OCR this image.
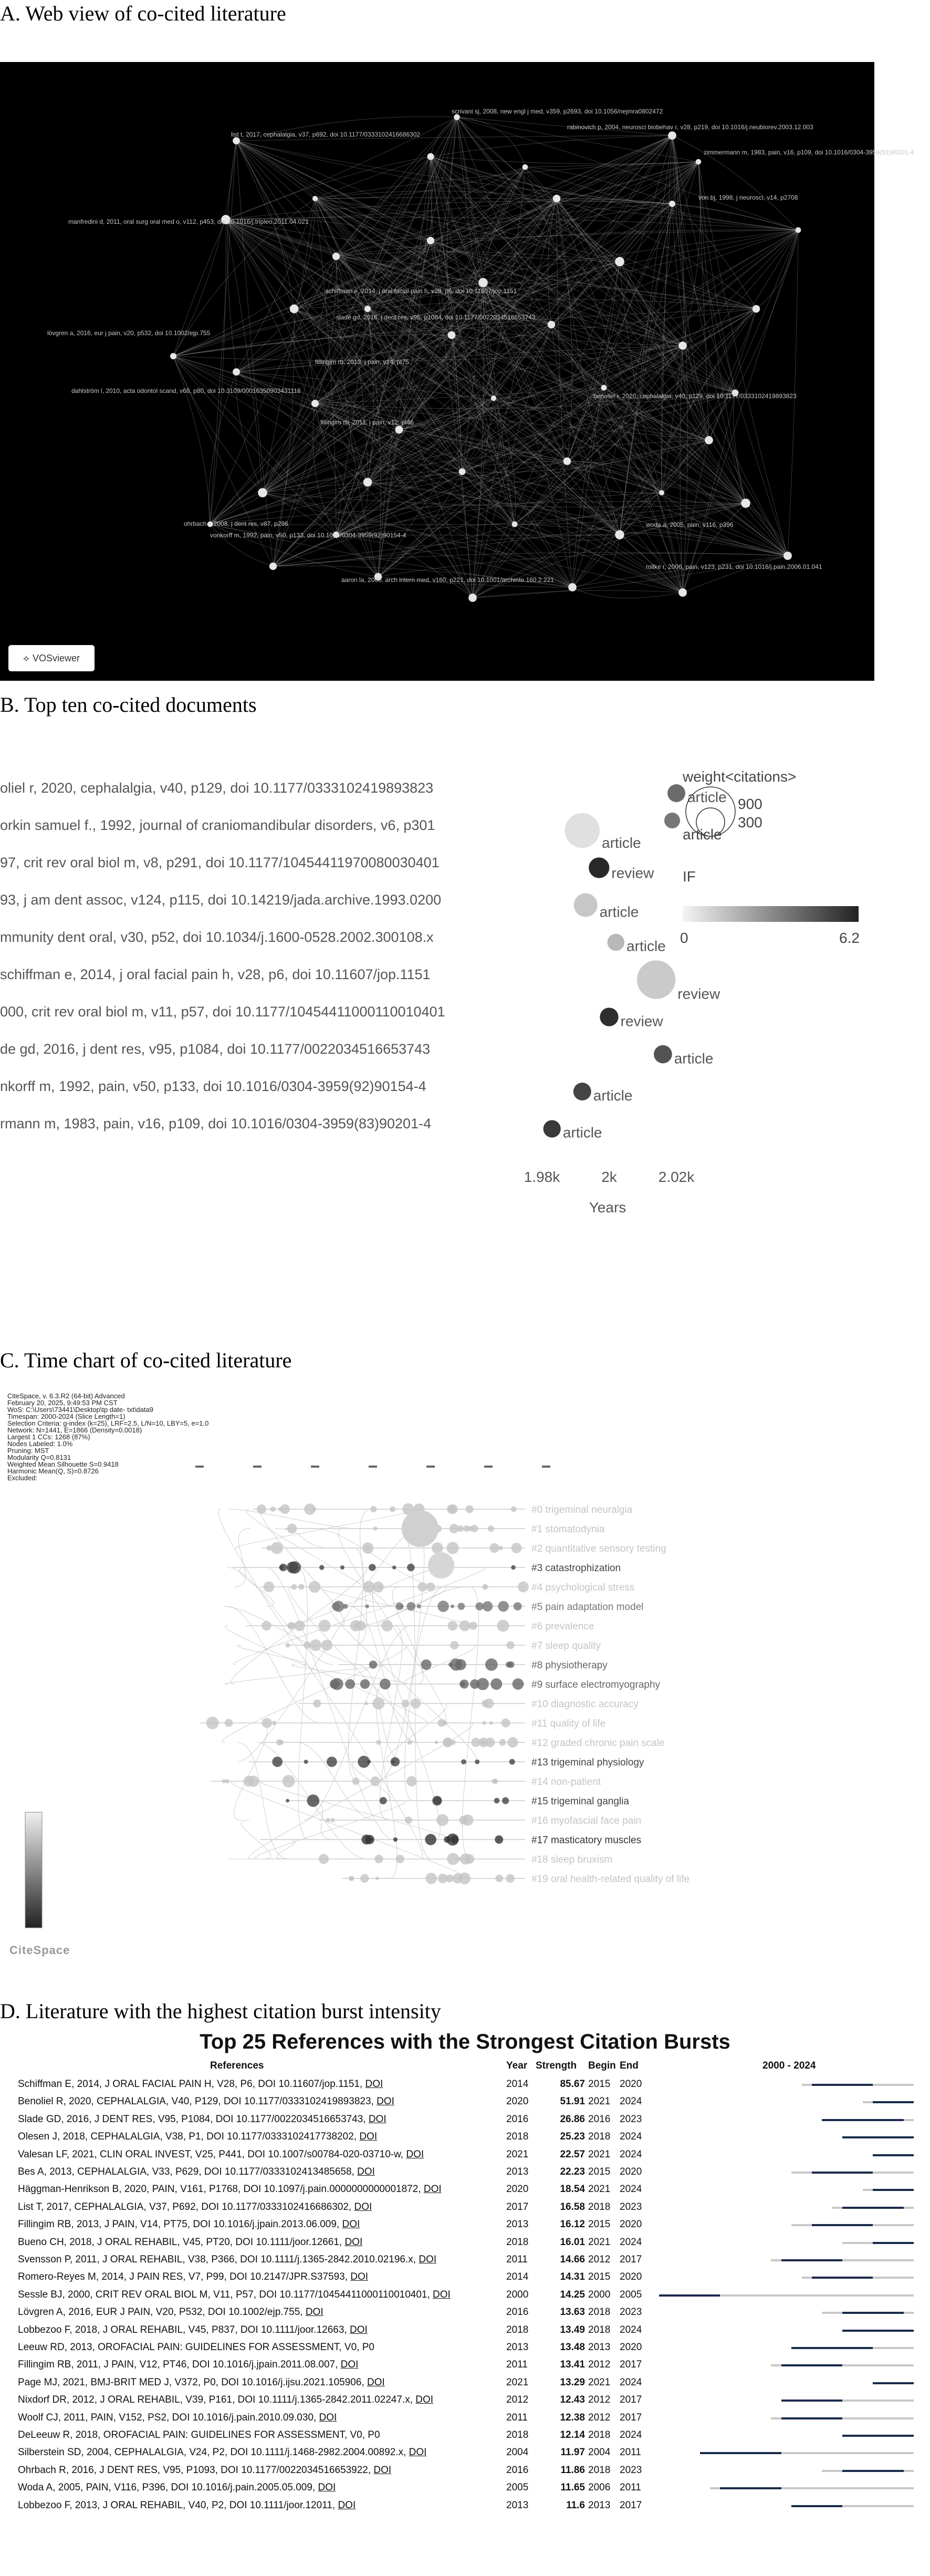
A. Web view of co-cited literature
B. Top ten co-cited documents
C. Time chart of co-cited literature
D. Literature with the highest citation burst intensity
scrivani sj, 2008, new engl j med, v359, p2693, doi 10.1056/nejmra0802472
list t, 2017, cephalalgia, v37, p692, doi 10.1177/0333102416686302
rabinovich p, 2004, neurosci biobehav r, v28, p219, doi 10.1016/j.neubiorev.2003.12.003
zimmermann m, 1983, pain, v16, p109, doi 10.1016/0304-3959(83)90201-4
manfredini d, 2011, oral surg oral med o, v112, p453, doi 10.1016/j.tripleo.2011.04.021
von bj, 1998, j neurosci, v14, p2708
schiffman e, 2014, j oral facial pain h, v28, p6, doi 10.11607/jop.1151
slade gd, 2016, j dent res, v95, p1084, doi 10.1177/0022034516653743
lövgren a, 2016, eur j pain, v20, p532, doi 10.1002/ejp.755
fillingim rb, 2013, j pain, v14, pt75
dahlström l, 2010, acta odontol scand, v68, p80, doi 10.3109/00016350903431118
fillingim rb, 2011, j pain, v12, pt46
woda a, 2005, pain, v116, p396
ohrbach r, 2008, j dent res, v87, p296
vonkorff m, 1992, pain, v50, p133, doi 10.1016/0304-3959(92)90154-4
aaron la, 2000, arch intern med, v160, p221, doi 10.1001/archinte.160.2.221
rollke r, 2006, pain, v123, p231, doi 10.1016/j.pain.2006.01.041
benoliel r, 2020, cephalalgia, v40, p129, doi 10.1177/0333102419893823
⟡ VOSviewer
oliel r, 2020, cephalalgia, v40, p129, doi 10.1177/0333102419893823
article
orkin samuel f., 1992, journal of craniomandibular disorders, v6, p301
article
97, crit rev oral biol m, v8, p291, doi 10.1177/10454411970080030401
review
93, j am dent assoc, v124, p115, doi 10.14219/jada.archive.1993.0200
article
mmunity dent oral, v30, p52, doi 10.1034/j.1600-0528.2002.300108.x
article
schiffman e, 2014, j oral facial pain h, v28, p6, doi 10.11607/jop.1151
review
000, crit rev oral biol m, v11, p57, doi 10.1177/10454411000110010401
review
de gd, 2016, j dent res, v95, p1084, doi 10.1177/0022034516653743
article
nkorff m, 1992, pain, v50, p133, doi 10.1016/0304-3959(92)90154-4
article
rmann m, 1983, pain, v16, p109, doi 10.1016/0304-3959(83)90201-4
article
1.98k	2k	2.02k
Years
weight<citations>
900
300
article
IF
0	6.2
CiteSpace, v. 6.3.R2 (64-bit) Advanced
February 20, 2025, 9:49:53 PM CST
WoS: C:\Users\73441\Desktop\tp date- txt\data9
Timespan: 2000-2024 (Slice Length=1)
Selection Criteria: g-index (k=25), LRF=2.5, L/N=10, LBY=5, e=1.0
Network: N=1441, E=1866 (Density=0.0018)
Largest 1 CCs: 1268 (87%)
Nodes Labeled: 1.0%
Pruning: MST
Modularity Q=0.8131
Weighted Mean Silhouette S=0.9418
Harmonic Mean(Q, S)=0.8726
Excluded:
#0 trigeminal neuralgia
#1 stomatodynia
#2 quantitative sensory testing
#3 catastrophization
#4 psychological stress
#5 pain adaptation model
#6 prevalence
#7 sleep quality
#8 physiotherapy
#9 surface electromyography
#10 diagnostic accuracy
#11 quality of life
#12 graded chronic pain scale
#13 trigeminal physiology
#14 non-patient
#15 trigeminal ganglia
#16 myofascial face pain
#17 masticatory muscles
#18 sleep bruxism
#19 oral health-related quality of life
CiteSpace
Top 25 References with the Strongest Citation Bursts
References	Year Strength Begin End	2000 - 2024
Schiffman E, 2014, J ORAL FACIAL PAIN H, V28, P6, DOI 10.11607/jop.1151, DOI	2014	85.67 2015 2020
Benoliel R, 2020, CEPHALALGIA, V40, P129, DOI 10.1177/0333102419893823, DOI	2020	51.91 2021 2024
Slade GD, 2016, J DENT RES, V95, P1084, DOI 10.1177/0022034516653743, DOI	2016	26.86 2016 2023
Olesen J, 2018, CEPHALALGIA, V38, P1, DOI 10.1177/0333102417738202, DOI	2018	25.23 2018 2024
Valesan LF, 2021, CLIN ORAL INVEST, V25, P441, DOI 10.1007/s00784-020-03710-w, DOI	2021	22.57 2021 2024
Bes A, 2013, CEPHALALGIA, V33, P629, DOI 10.1177/0333102413485658, DOI	2013	22.23 2015 2020
Häggman-Henrikson B, 2020, PAIN, V161, P1768, DOI 10.1097/j.pain.0000000000001872, DOI	2020	18.54 2021 2024
List T, 2017, CEPHALALGIA, V37, P692, DOI 10.1177/0333102416686302, DOI	2017	16.58 2018 2023
Fillingim RB, 2013, J PAIN, V14, PT75, DOI 10.1016/j.jpain.2013.06.009, DOI	2013	16.12 2015 2020
Bueno CH, 2018, J ORAL REHABIL, V45, PT20, DOI 10.1111/joor.12661, DOI	2018	16.01 2021 2024
Svensson P, 2011, J ORAL REHABIL, V38, P366, DOI 10.1111/j.1365-2842.2010.02196.x, DOI	2011	14.66 2012 2017
Romero-Reyes M, 2014, J PAIN RES, V7, P99, DOI 10.2147/JPR.S37593, DOI	2014	14.31 2015 2020
Sessle BJ, 2000, CRIT REV ORAL BIOL M, V11, P57, DOI 10.1177/10454411000110010401, DOI	2000	14.25 2000 2005
Lövgren A, 2016, EUR J PAIN, V20, P532, DOI 10.1002/ejp.755, DOI	2016	13.63 2018 2023
Lobbezoo F, 2018, J ORAL REHABIL, V45, P837, DOI 10.1111/joor.12663, DOI	2018	13.49 2018 2024
Leeuw RD, 2013, OROFACIAL PAIN: GUIDELINES FOR ASSESSMENT, V0, P0	2013	13.48 2013 2020
Fillingim RB, 2011, J PAIN, V12, PT46, DOI 10.1016/j.jpain.2011.08.007, DOI	2011	13.41 2012 2017
Page MJ, 2021, BMJ-BRIT MED J, V372, P0, DOI 10.1016/j.ijsu.2021.105906, DOI	2021	13.29 2021 2024
Nixdorf DR, 2012, J ORAL REHABIL, V39, P161, DOI 10.1111/j.1365-2842.2011.02247.x, DOI	2012	12.43 2012 2017
Woolf CJ, 2011, PAIN, V152, PS2, DOI 10.1016/j.pain.2010.09.030, DOI	2011	12.38 2012 2017
DeLeeuw R, 2018, OROFACIAL PAIN: GUIDELINES FOR ASSESSMENT, V0, P0	2018	12.14 2018 2024
Silberstein SD, 2004, CEPHALALGIA, V24, P2, DOI 10.1111/j.1468-2982.2004.00892.x, DOI	2004	11.97 2004 2011
Ohrbach R, 2016, J DENT RES, V95, P1093, DOI 10.1177/0022034516653922, DOI	2016	11.86 2018 2023
Woda A, 2005, PAIN, V116, P396, DOI 10.1016/j.pain.2005.05.009, DOI	2005	11.65 2006 2011
Lobbezoo F, 2013, J ORAL REHABIL, V40, P2, DOI 10.1111/joor.12011, DOI	2013	11.6 2013 2017
